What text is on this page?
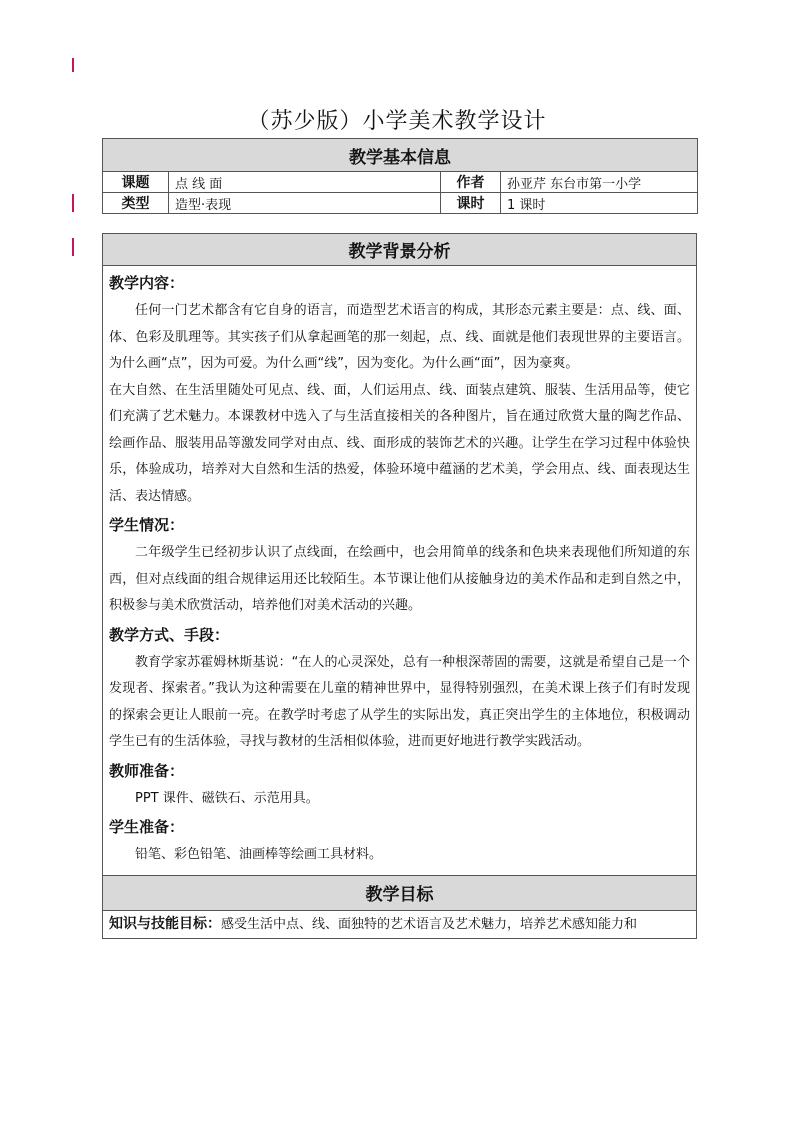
（苏少版）小学美术教学设计
教学基本信息			
课题	点 线 面	作者	孙亚芹 东台市第一小学
类型	造型·表现	课时	1 课时
教学背景分析

教学内容：

任何一门艺术都含有它自身的语言，而造型艺术语言的构成，其形态元素主要是：点、线、面、体、色彩及肌理等。其实孩子们从拿起画笔的那一刻起，点、线、面就是他们表现世界的主要语言。为什么画“点”，因为可爱。为什么画“线”，因为变化。为什么画“面”，因为豪爽。

在大自然、在生活里随处可见点、线、面，人们运用点、线、面装点建筑、服装、生活用品等，使它们充满了艺术魅力。本课教材中选入了与生活直接相关的各种图片，旨在通过欣赏大量的陶艺作品、绘画作品、服装用品等激发同学对由点、线、面形成的装饰艺术的兴趣。让学生在学习过程中体验快乐，体验成功，培养对大自然和生活的热爱，体验环境中蕴涵的艺术美，学会用点、线、面表现达生活、表达情感。

学生情况：

二年级学生已经初步认识了点线面，在绘画中，也会用简单的线条和色块来表现他们所知道的东西，但对点线面的组合规律运用还比较陌生。本节课让他们从接触身边的美术作品和走到自然之中，积极参与美术欣赏活动，培养他们对美术活动的兴趣。

教学方式、手段：

教育学家苏霍姆林斯基说：“在人的心灵深处，总有一种根深蒂固的需要，这就是希望自己是一个发现者、探索者。”我认为这种需要在儿童的精神世界中，显得特别强烈，在美术课上孩子们有时发现的探索会更让人眼前一亮。在教学时考虑了从学生的实际出发，真正突出学生的主体地位，积极调动学生已有的生活体验，寻找与教材的生活相似体验，进而更好地进行教学实践活动。

教师准备：

PPT 课件、磁铁石、示范用具。

学生准备：

铅笔、彩色铅笔、油画棒等绘画工具材料。

教学目标
知识与技能目标：感受生活中点、线、面独特的艺术语言及艺术魅力，培养艺术感知能力和
